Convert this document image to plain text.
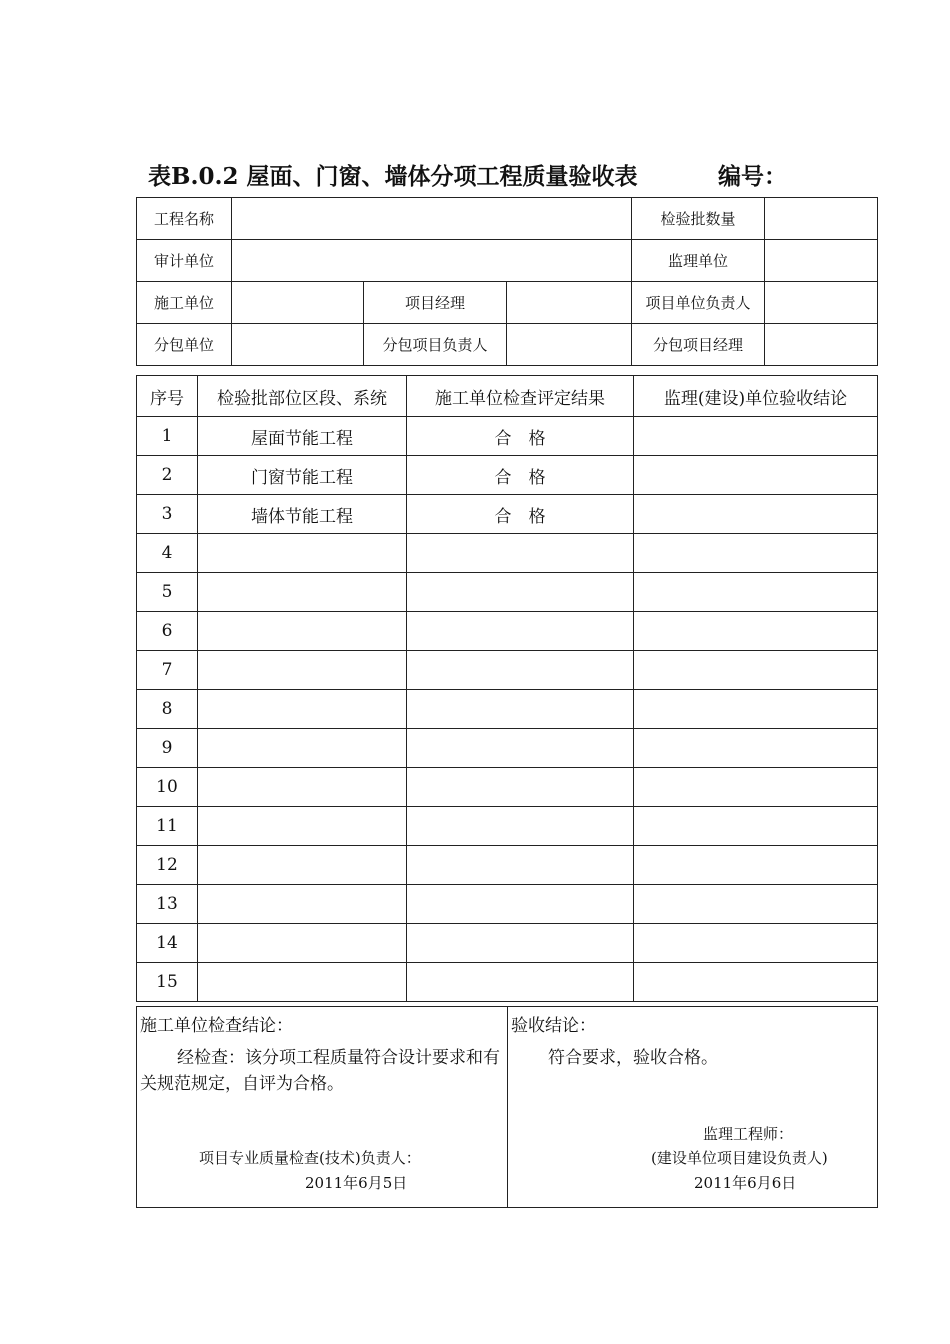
表B.0.2 屋面、门窗、墙体分项工程质量验收表	编号：
工程名称				检验批数量	
审计单位				监理单位	
施工单位		项目经理		项目单位负责人	
分包单位		分包项目负责人		分包项目经理	
序号	检验批部位区段、系统	施工单位检查评定结果	监理(建设)单位验收结论
1	屋面节能工程	合　格	
2	门窗节能工程	合　格	
3	墙体节能工程	合　格	
4			
5			
6			
7			
8			
9			
10			
11			
12			
13			
14			
15			
施工单位检查结论：
经检查：该分项工程质量符合设计要求和有关规范规定，自评为合格。
项目专业质量检查(技术)负责人：
2011年6月5日

验收结论：
符合要求，验收合格。
监理工程师：
(建设单位项目建设负责人)
2011年6月6日
